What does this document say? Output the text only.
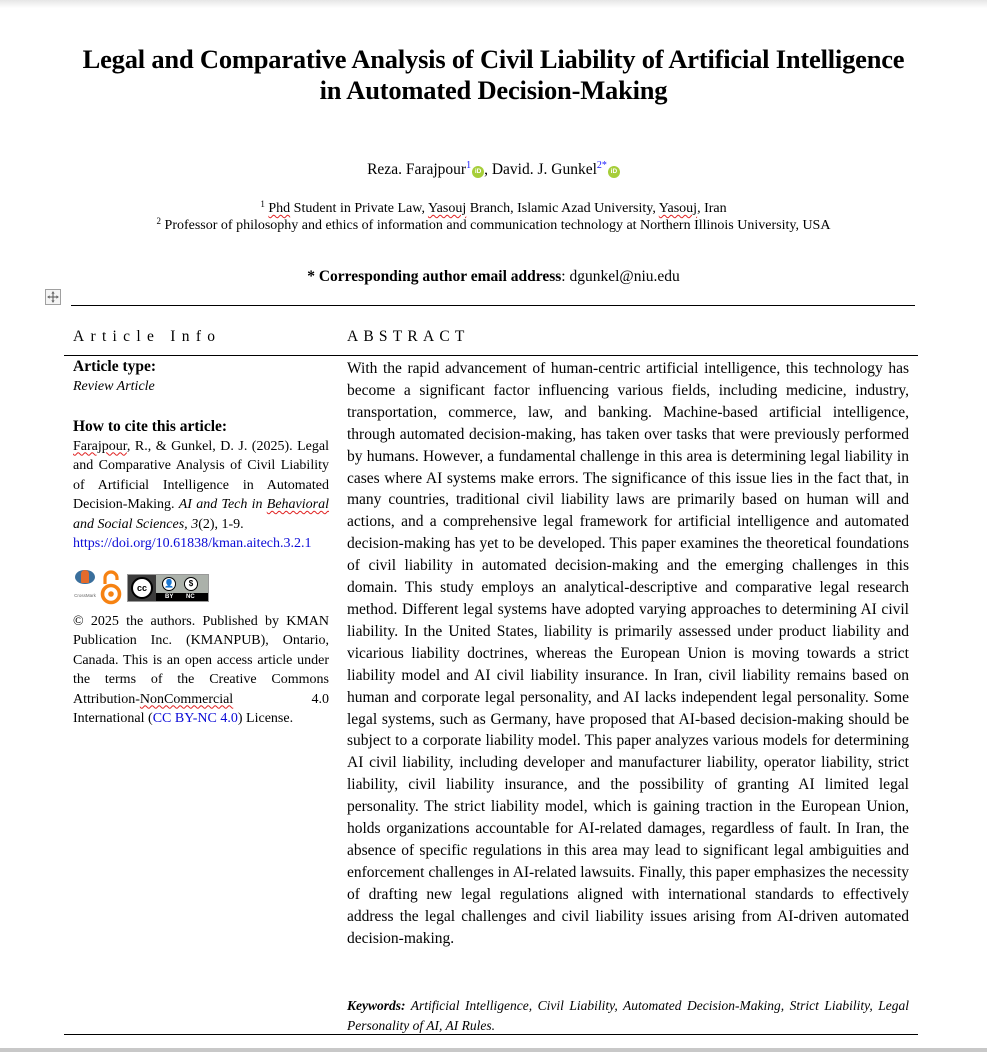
Legal and Comparative Analysis of Civil Liability of Artificial Intelligence in Automated Decision-Making
Reza. Farajpour$^1$iD , David. J. Gunkel$^{2*}$iD
$^1$ Phd Student in Private Law, Yasouj Branch, Islamic Azad University, Yasouj, Iran
$^2$ Professor of philosophy and ethics of information and communication technology at Northern Illinois University, USA
* Corresponding author email address: dgunkel@niu.edu
Article Info	ABSTRACT
Article type:
Review Article
How to cite this article:
Farajpour, R., & Gunkel, D. J. (2025). Legal and Comparative Analysis of Civil Liability of Artificial Intelligence in Automated Decision-Making. AI and Tech in Behavioral and Social Sciences, 3(2), 1-9.
https://doi.org/10.61838/kman.aitech.3.2.1
CrossMark
cc	👤	$
BY NC
© 2025 the authors. Published by KMAN Publication Inc. (KMANPUB), Ontario, Canada. This is an open access article under the terms of the Creative Commons Attribution-NonCommercial 4.0 International (CC BY-NC 4.0) License.
With the rapid advancement of human-centric artificial intelligence, this technology has become a significant factor influencing various fields, including medicine, industry, transportation, commerce, law, and banking. Machine-based artificial intelligence, through automated decision-making, has taken over tasks that were previously performed by humans. However, a fundamental challenge in this area is determining legal liability in cases where AI systems make errors. The significance of this issue lies in the fact that, in many countries, traditional civil liability laws are primarily based on human will and actions, and a comprehensive legal framework for artificial intelligence and automated decision-making has yet to be developed. This paper examines the theoretical foundations of civil liability in automated decision-making and the emerging challenges in this domain. This study employs an analytical-descriptive and comparative legal research method. Different legal systems have adopted varying approaches to determining AI civil liability. In the United States, liability is primarily assessed under product liability and vicarious liability doctrines, whereas the European Union is moving towards a strict liability model and AI civil liability insurance. In Iran, civil liability remains based on human and corporate legal personality, and AI lacks independent legal personality. Some legal systems, such as Germany, have proposed that AI-based decision-making should be subject to a corporate liability model. This paper analyzes various models for determining AI civil liability, including developer and manufacturer liability, operator liability, strict liability, civil liability insurance, and the possibility of granting AI limited legal personality. The strict liability model, which is gaining traction in the European Union, holds organizations accountable for AI-related damages, regardless of fault. In Iran, the absence of specific regulations in this area may lead to significant legal ambiguities and enforcement challenges in AI-related lawsuits. Finally, this paper emphasizes the necessity of drafting new legal regulations aligned with international standards to effectively address the legal challenges and civil liability issues arising from AI-driven automated decision-making.
Keywords: Artificial Intelligence, Civil Liability, Automated Decision-Making, Strict Liability, Legal Personality of AI, AI Rules.
